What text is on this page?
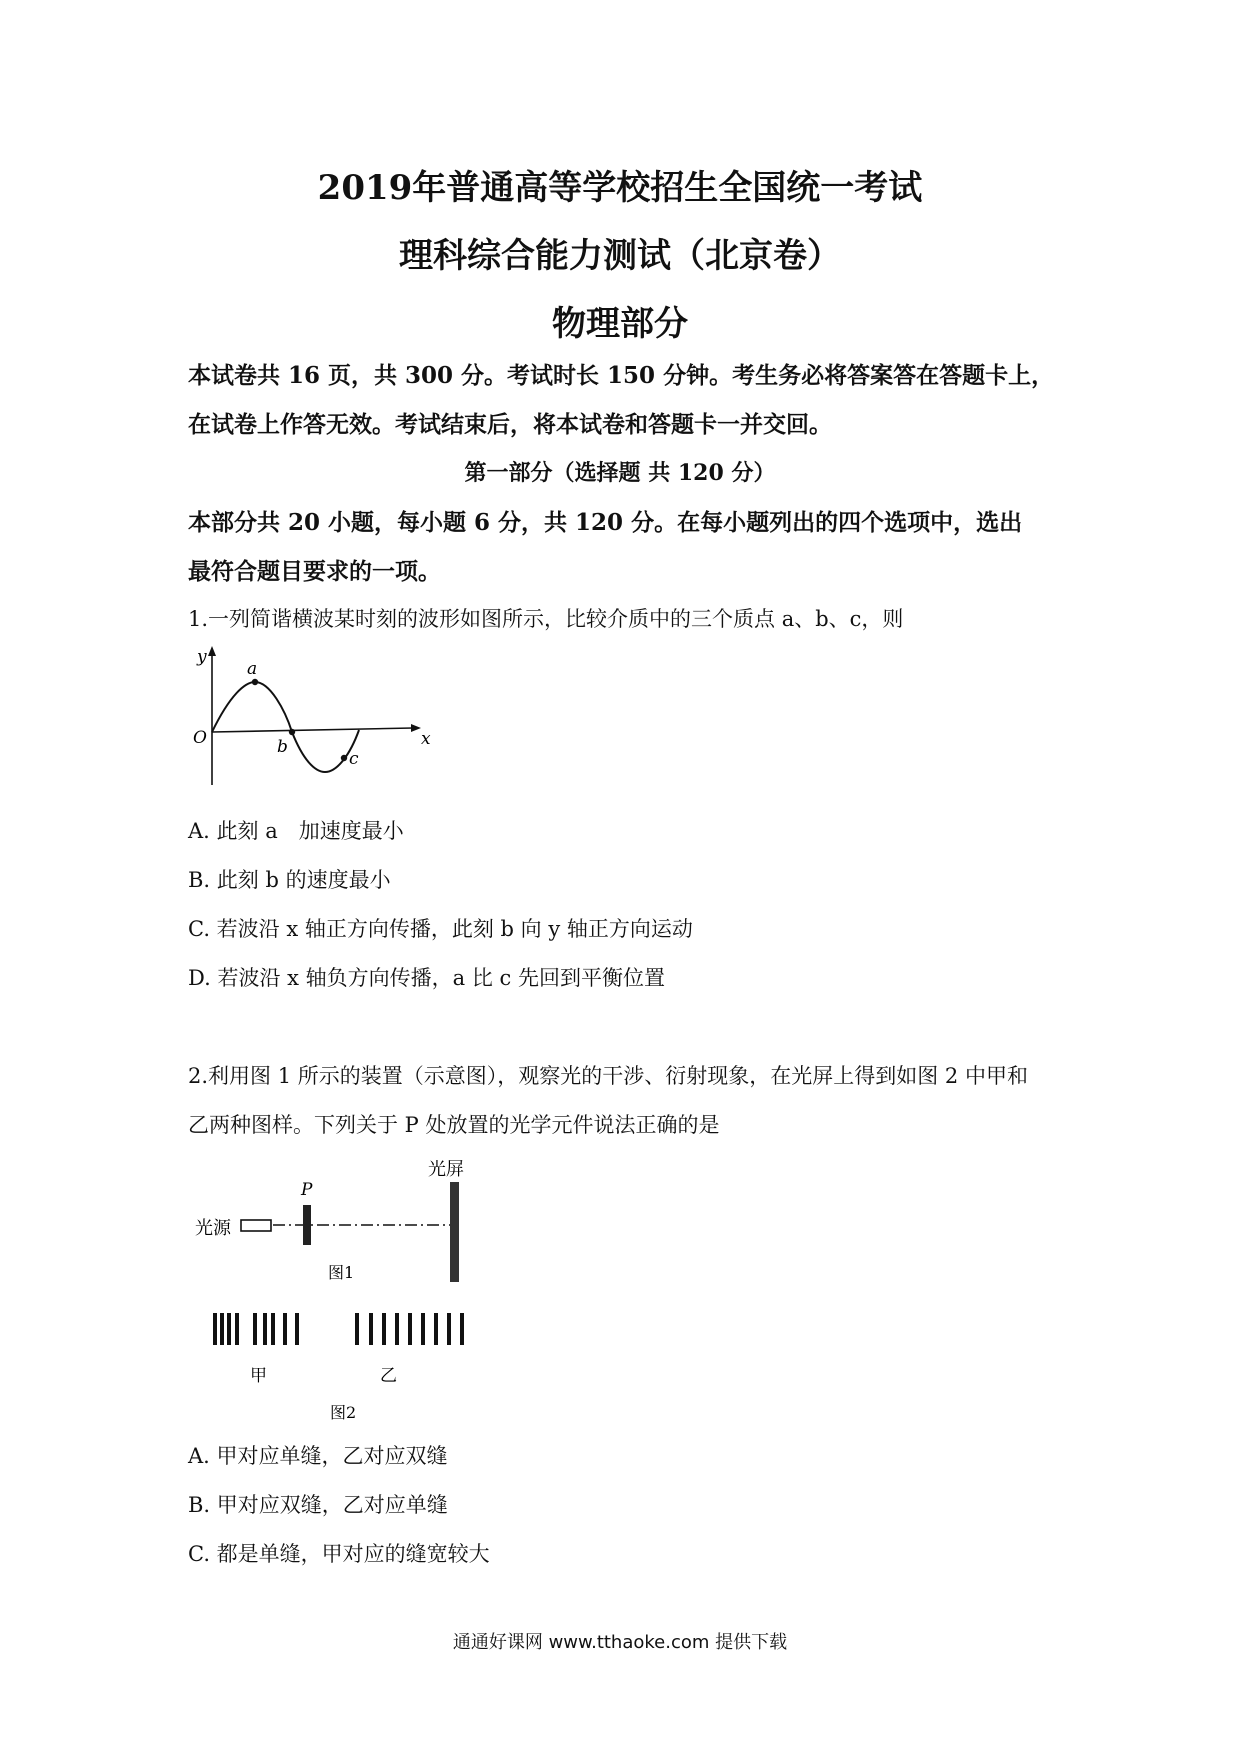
2019年普通高等学校招生全国统一考试
理科综合能力测试（北京卷）
物理部分
本试卷共 16 页，共 300 分。考试时长 150 分钟。考生务必将答案答在答题卡上，
在试卷上作答无效。考试结束后，将本试卷和答题卡一并交回。
第一部分（选择题 共 120 分）
本部分共 20 小题，每小题 6 分，共 120 分。在每小题列出的四个选项中，选出
最符合题目要求的一项。
1.一列简谐横波某时刻的波形如图所示，比较介质中的三个质点 a、b、c，则
y
x
O
a
b
c
A. 此刻 a　加速度最小
B. 此刻 b 的速度最小
C. 若波沿 x 轴正方向传播，此刻 b 向 y 轴正方向运动
D. 若波沿 x 轴负方向传播，a 比 c 先回到平衡位置
2.利用图 1 所示的装置（示意图），观察光的干涉、衍射现象，在光屏上得到如图 2 中甲和
乙两种图样。下列关于 P 处放置的光学元件说法正确的是
光源
P
光屏
图1
甲	乙
图2
A. 甲对应单缝，乙对应双缝
B. 甲对应双缝，乙对应单缝
C. 都是单缝，甲对应的缝宽较大
通通好课网 www.tthaoke.com 提供下载
